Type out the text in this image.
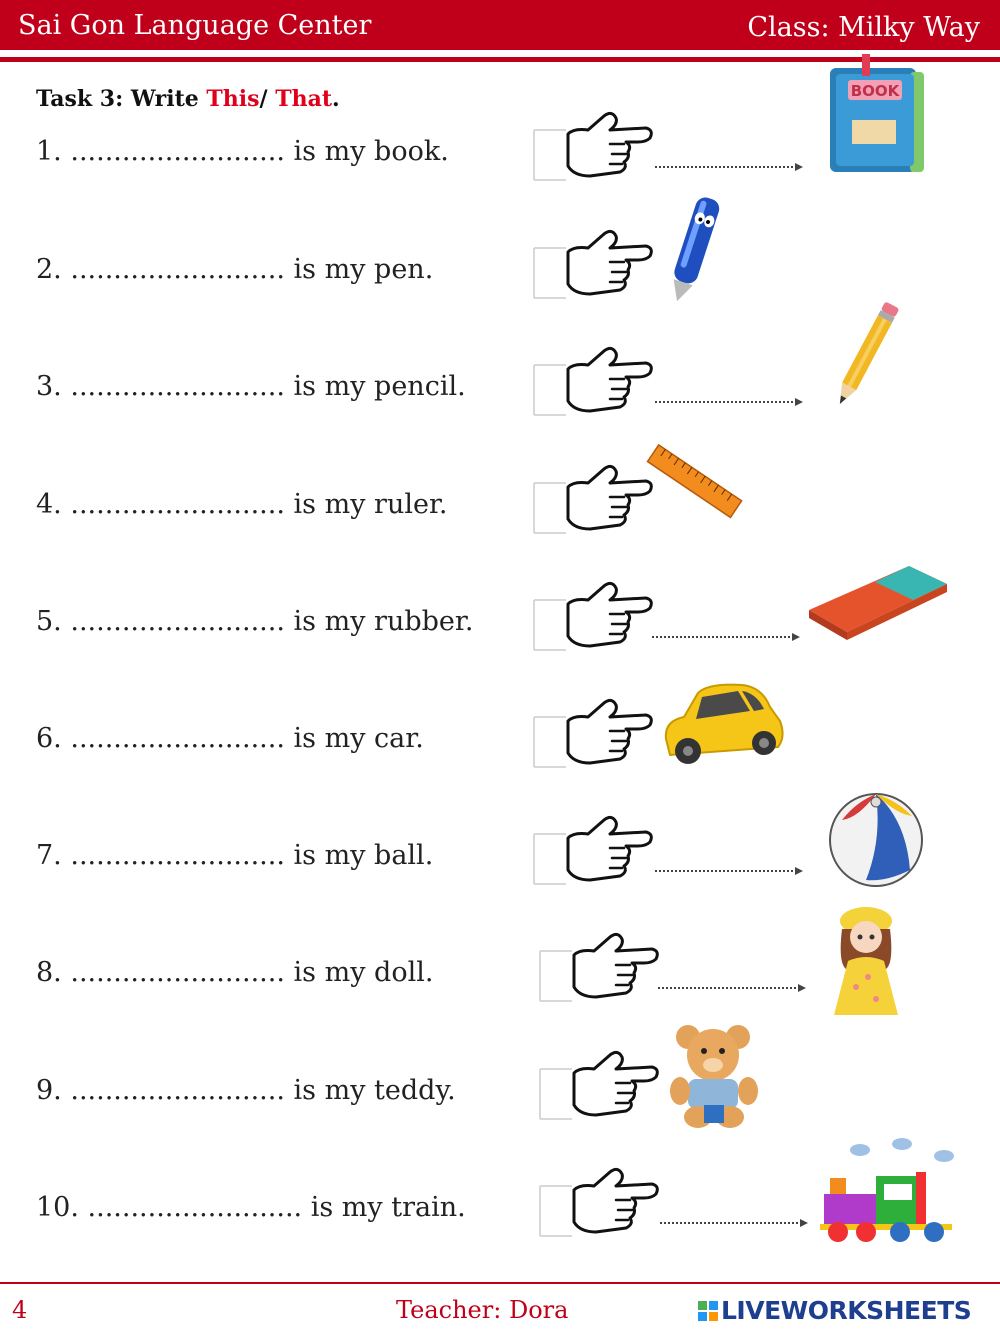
Sai Gon Language Center	Class: Milky Way
Task 3: Write This/ That.
1. ......................... is my book.
BOOK
2. ......................... is my pen.
3. ......................... is my pencil.
4. ......................... is my ruler.
5. ......................... is my rubber.
6. ......................... is my car.
7. ......................... is my ball.
8. ......................... is my doll.
9. ......................... is my teddy.
10. ......................... is my train.
4	Teacher: Dora	LIVEWORKSHEETS
